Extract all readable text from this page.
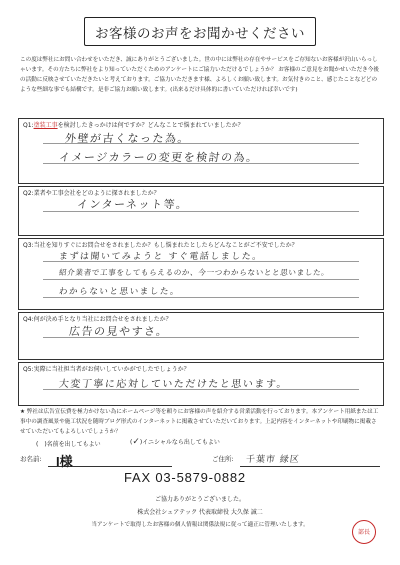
お客様のお声をお聞かせください
この度は弊社にお問い合わせをいただき、誠にありがとうございました。世の中には弊社の存在やサービスをご存知ないお客様が沢山いらっしゃいます。その方たちに弊社をより知っていただくためのアンケートにご協力いただけるでしょうか？ お客様のご意見をお聞かせいただき今後の活動に反映させていただきたいと考えております。ご協力いただきます様、よろしくお願い致します。お気付きのこと、感じたことなどどのような些細な事でも結構です。是非ご協力お願い致します。(出来るだけ具体的に書いていただければ幸いです)
Q1:塗装工事を検討したきっかけは何ですか？どんなことで悩まれていましたか？
外壁が古くなった為。
イメージカラーの変更を検討の為。
Q2:業者や工事会社をどのように探されましたか？
インターネット等。
Q3:当社を知りすぐにお問合せをされましたか？もし悩まれたとしたらどんなことがご不安でしたか？
まずは聞いてみようと すぐ電話しました。
紹介業者で工事をしてもらえるのか、今一つわからないとと思いました。
わからないと思いました。
Q4:何が決め手となり当社にお問合せをされましたか？
広告の見やすさ。
Q5:実際に当社担当者がお伺いしていかがでしたでしょうか？
大変丁寧に応対していただけたと思います。
★ 弊社は広告宣伝費を極力かけない為にホームページ等を頼りにお客様の声を紹介する営業活動を行っております。本アンケート用紙または工事中の調査風景や施工状況を随時ブログ形式のインターネットに掲載させていただいております。上記内容をインターネットや印刷物に掲載させていただいてもよろしいでしょうか？
(　)名前を出してもよい	(✓)イニシャルなら出してもよい
お名前: I様	ご住所: 千葉市 緑区
FAX 03-5879-0882
ご協力ありがとうございました。
株式会社シェアテック 代表取締役 大久保 誠二
当アンケートで取得したお客様の個人情報は関係法規に従って適正に管理いたします。
部長
